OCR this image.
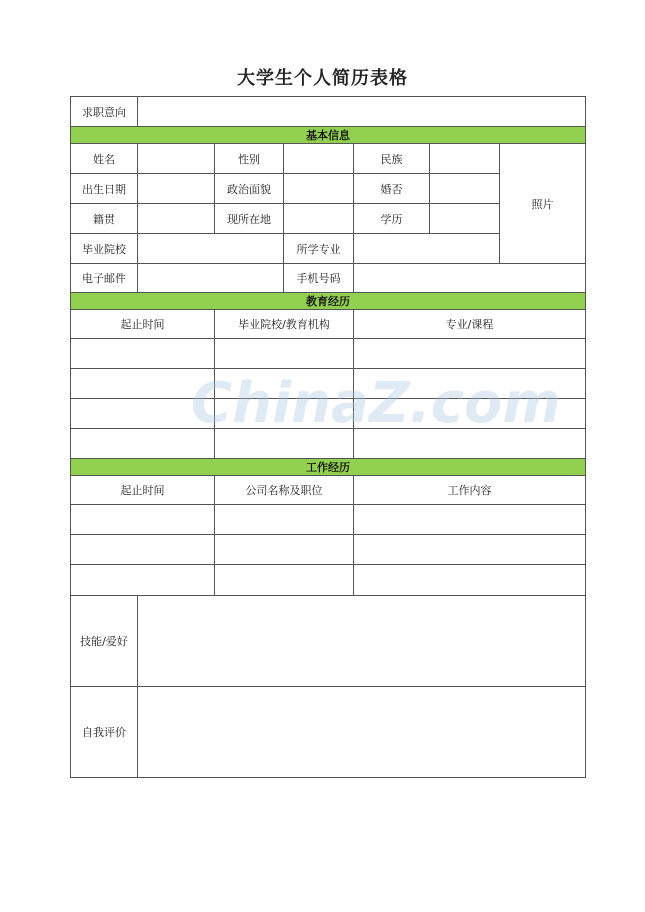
大学生个人简历表格
求职意向						
基本信息						
姓名		性别		民族		照片
出生日期		政治面貌		婚否		
籍贯		现所在地		学历		
毕业院校			所学专业			
电子邮件			手机号码			
教育经历						
起止时间		毕业院校/教育机构		专业/课程		

工作经历						
起止时间		公司名称及职位		工作内容		

技能/爱好						
自我评价						
ChinaZ.com
